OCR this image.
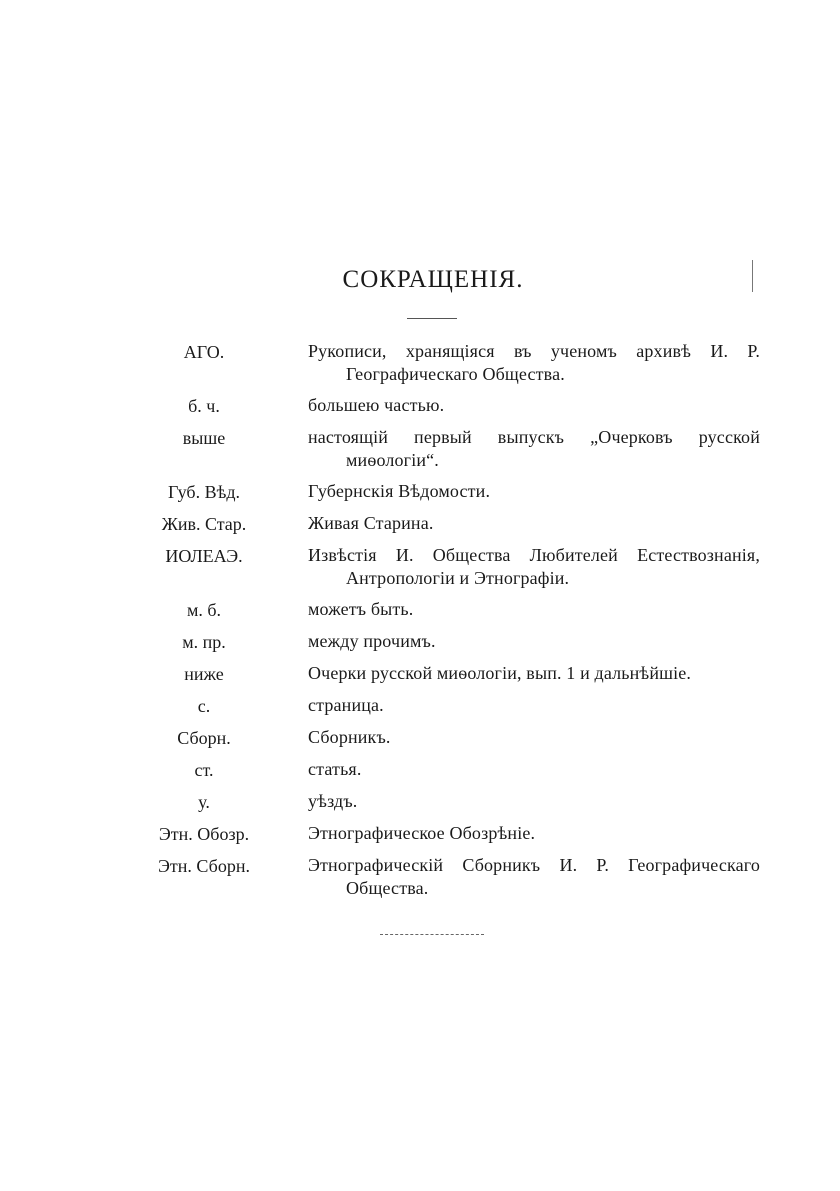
СОКРАЩЕНІЯ.
АГО.	Рукописи, хранящіяся въ ученомъ архивѣ И. Р.
Географическаго Общества.
б. ч.	большею частью.
выше	настоящій первый выпускъ „Очерковъ русской
миѳологіи“.
Губ. Вѣд.	Губернскія Вѣдомости.
Жив. Стар.	Живая Старина.
ИОЛЕАЭ.	Извѣстія И. Общества Любителей Естествознанія,
Антропологіи и Этнографіи.
м. б.	можетъ быть.
м. пр.	между прочимъ.
ниже	Очерки русской миѳологіи, вып. 1 и дальнѣйшіе.
с.	страница.
Сборн.	Сборникъ.
ст.	статья.
у.	уѣздъ.
Этн. Обозр.	Этнографическое Обозрѣніе.
Этн. Сборн.	Этнографическій Сборникъ И. Р. Географическаго
Общества.
